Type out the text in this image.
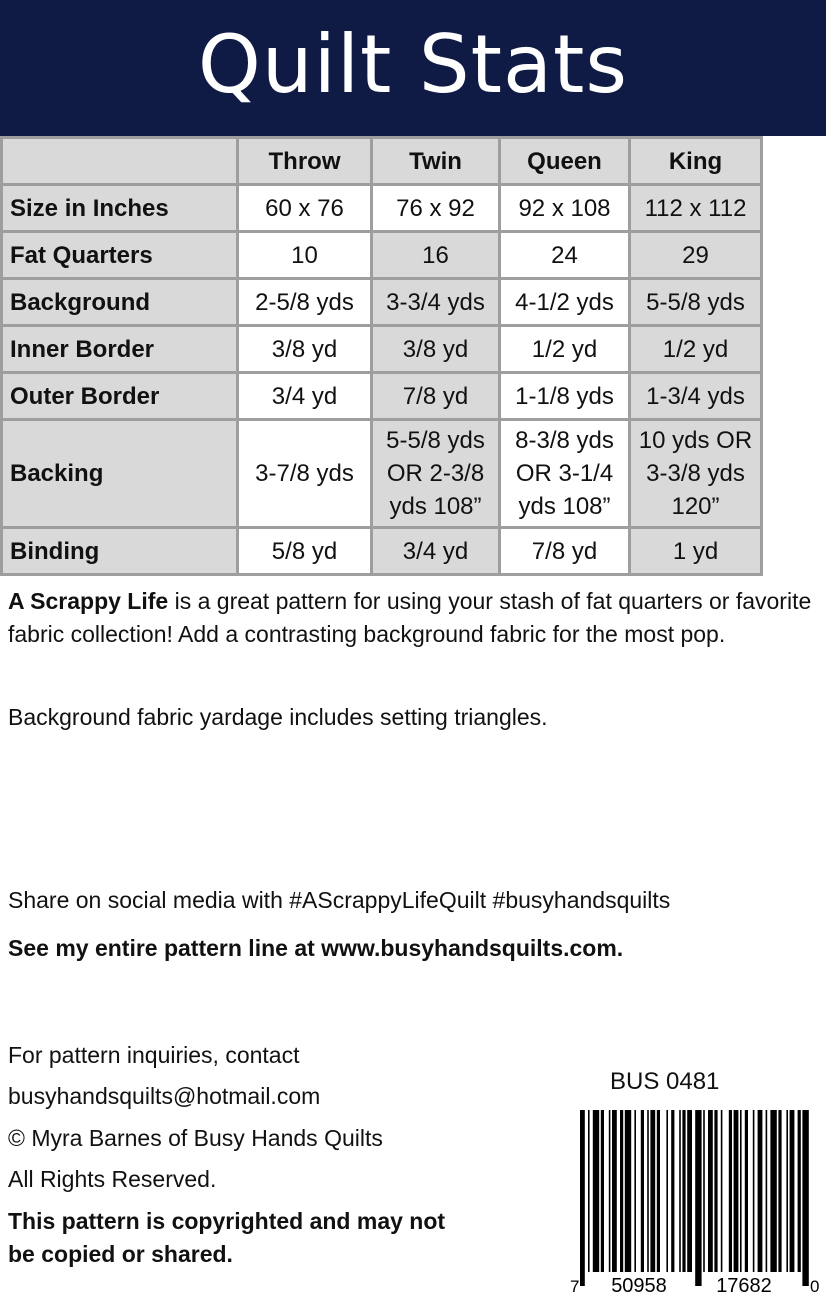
Quilt Stats
	Throw	Twin	Queen	King
Size in Inches	60 x 76	76 x 92	92 x 108	112 x 112
Fat Quarters	10	16	24	29
Background	2-5/8 yds	3-3/4 yds	4-1/2 yds	5-5/8 yds
Inner Border	3/8 yd	3/8 yd	1/2 yd	1/2 yd
Outer Border	3/4 yd	7/8 yd	1-1/8 yds	1-3/4 yds
Backing	3-7/8 yds	5-5/8 yds OR 2-3/8 yds 108”	8-3/8 yds OR 3-1/4 yds 108”	10 yds OR 3-3/8 yds 120”
Binding	5/8 yd	3/4 yd	7/8 yd	1 yd

A Scrappy Life is a great pattern for using your stash of fat quarters or favorite fabric collection! Add a contrasting background fabric for the most pop.

Background fabric yardage includes setting triangles.

Share on social media with #AScrappyLifeQuilt #busyhandsquilts

See my entire pattern line at www.busyhandsquilts.com.

For pattern inquiries, contact

busyhandsquilts@hotmail.com

© Myra Barnes of Busy Hands Quilts

All Rights Reserved.

This pattern is copyrighted and may not be copied or shared.

BUS 0481
7 50958 17682 0
